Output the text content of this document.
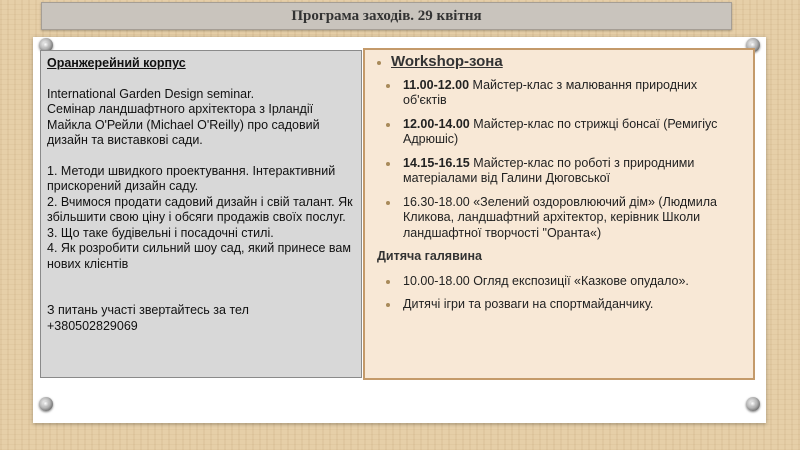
Програма заходів. 29 квітня
Оранжерейний корпус

International Garden Design seminar.

Семінар ландшафтного архітектора з Ірландії Майкла О'Рейли (Michael O'Reilly) про садовий дизайн та виставкові сади.

1. Методи швидкого проектування. Інтерактивний прискорений дизайн саду.

2. Вчимося продати садовий дизайн і свій талант. Як збільшити свою ціну і обсяги продажів своїх послуг.

3. Що таке будівельні і посадочні стилі.

4. Як розробити сильний шоу сад, який принесе вам нових клієнтів

З питань участі звертайтесь за тел

+380502829069

Workshop-зона
11.00-12.00 Майстер-клас з малювання природних об'єктів
12.00-14.00 Майстер-клас по стрижці бонсаї (Ремигіус Адрюшіс)
14.15-16.15 Майстер-клас по роботі з природними матеріалами від Галини Дюговської
16.30-18.00 «Зелений оздоровлюючий дім» (Людмила Кликова, ландшафтний архітектор, керівник Школи ландшафтної творчості "Оранта«)
Дитяча галявина
10.00-18.00 Огляд експозиції «Казкове опудало».
Дитячі ігри та розваги на спортмайданчику.
